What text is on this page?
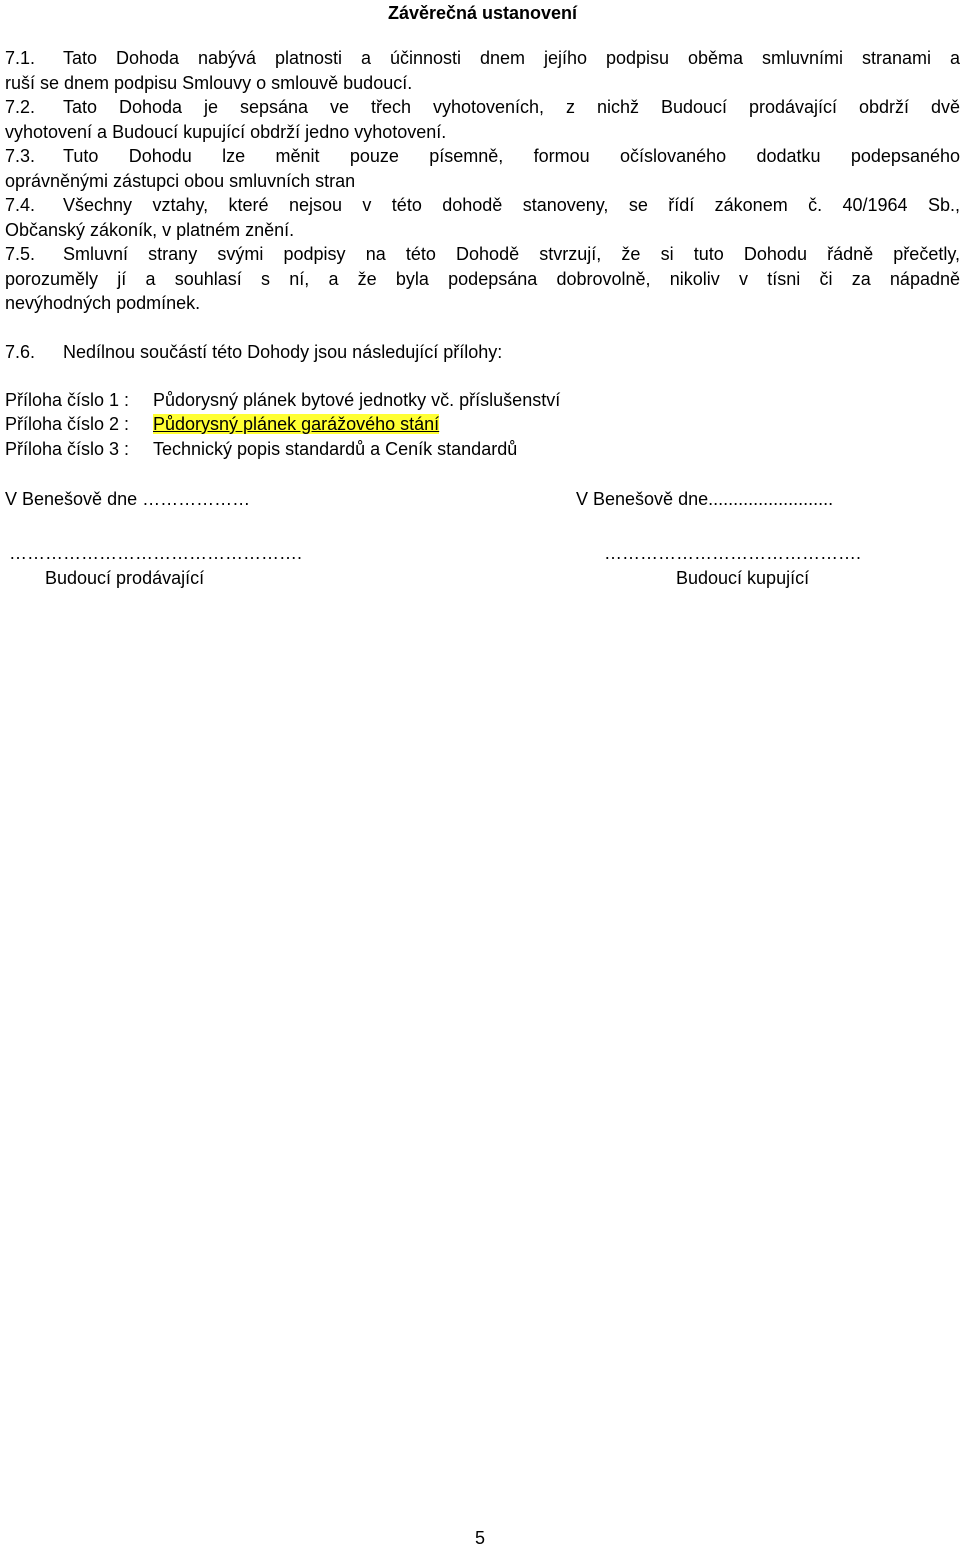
Závěrečná ustanovení
7.1. Tato Dohoda nabývá platnosti a účinnosti dnem jejího podpisu oběma smluvními stranami a
ruší se dnem podpisu Smlouvy o smlouvě budoucí.
7.2. Tato Dohoda je sepsána ve třech vyhotoveních, z nichž Budoucí prodávající obdrží dvě
vyhotovení a Budoucí kupující obdrží jedno vyhotovení.
7.3. Tuto Dohodu lze měnit pouze písemně, formou očíslovaného dodatku podepsaného
oprávněnými zástupci obou smluvních stran
7.4. Všechny vztahy, které nejsou v této dohodě stanoveny, se řídí zákonem č. 40/1964 Sb.,
Občanský zákoník, v platném znění.
7.5. Smluvní strany svými podpisy na této Dohodě stvrzují, že si tuto Dohodu řádně přečetly,
porozuměly jí a souhlasí s ní, a že byla podepsána dobrovolně, nikoliv v tísni či za nápadně
nevýhodných podmínek.
7.6. Nedílnou součástí této Dohody jsou následující přílohy:
Příloha číslo 1 : Půdorysný plánek bytové jednotky vč. příslušenství
Příloha číslo 2 : Půdorysný plánek garážového stání
Příloha číslo 3 : Technický popis standardů a Ceník standardů
V Benešově dne ………………	V Benešově dne.........................
………………………………………….	…………………………………….
Budoucí prodávající	Budoucí kupující
5
